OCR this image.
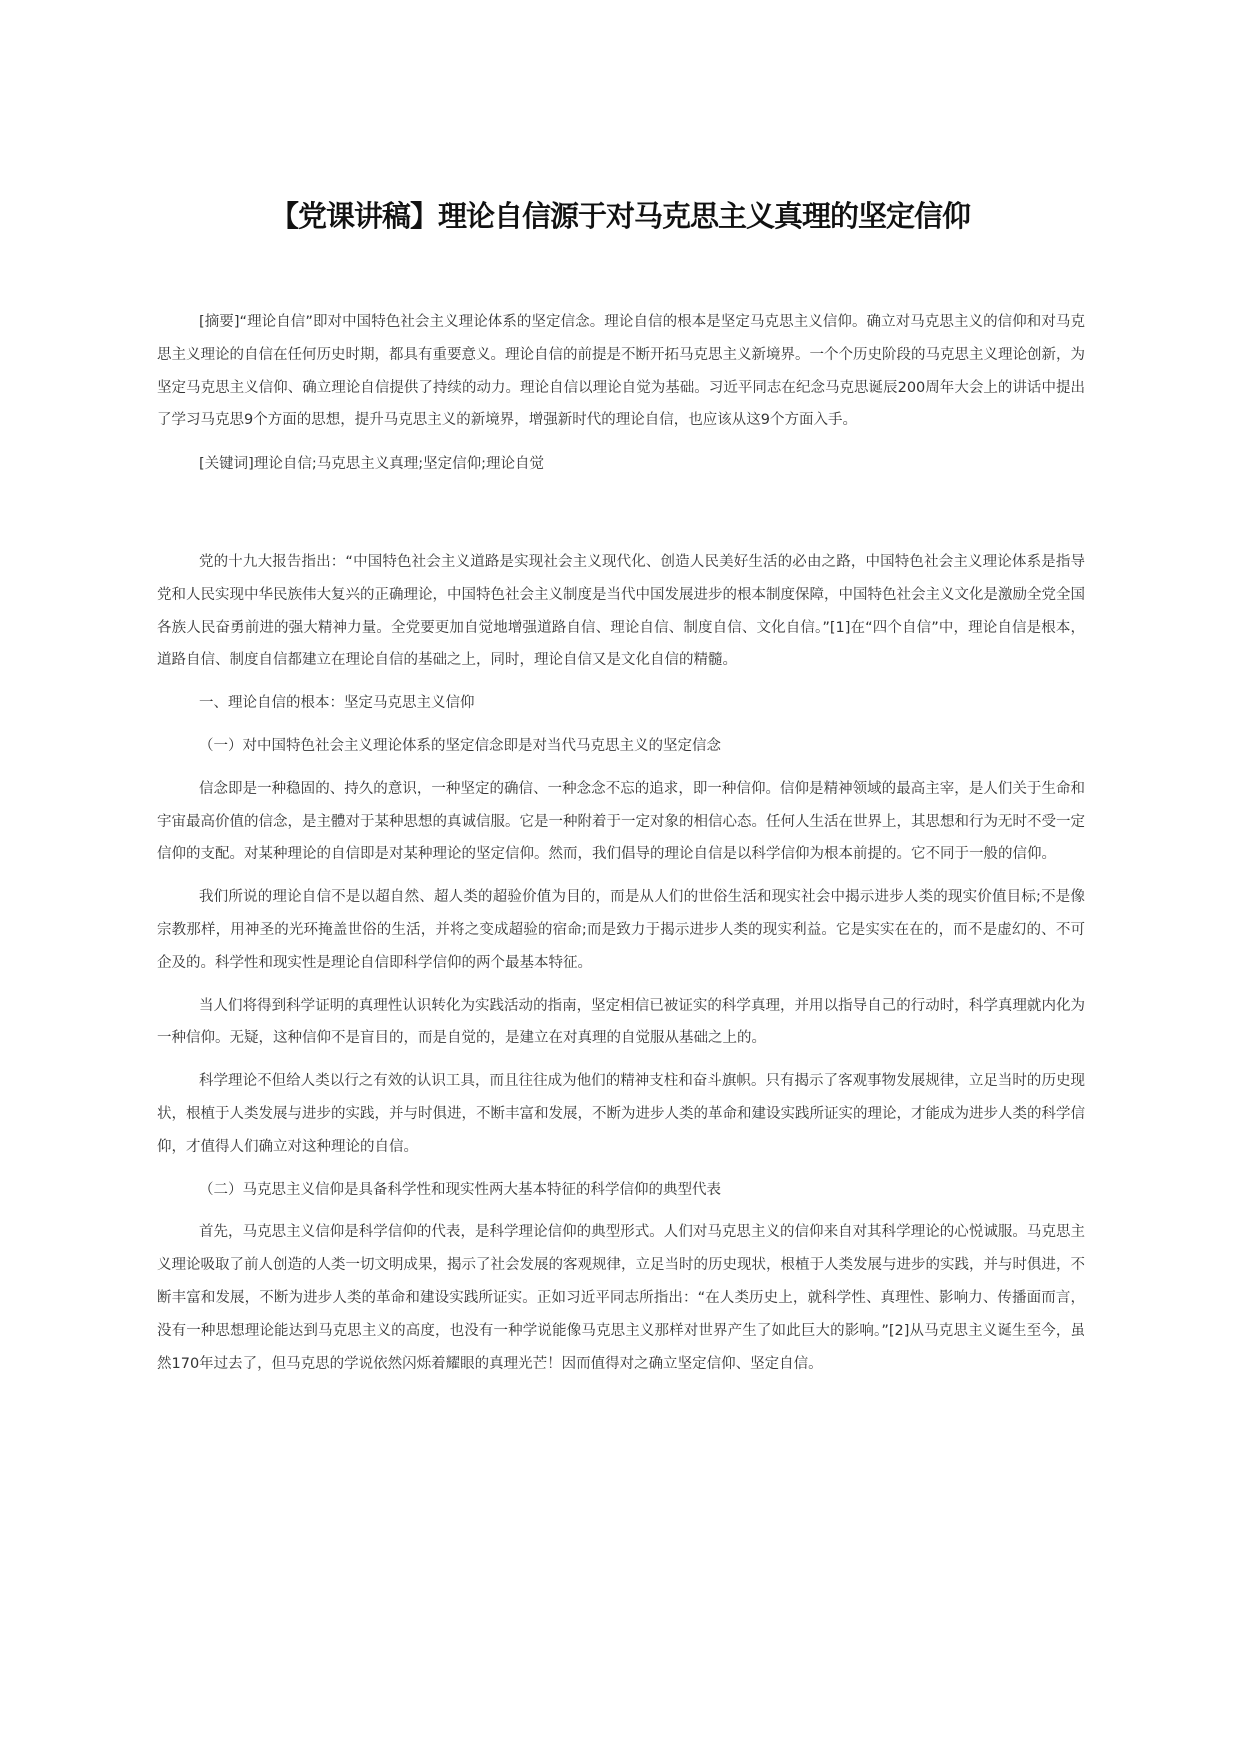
【党课讲稿】理论自信源于对马克思主义真理的坚定信仰

[摘要]“理论自信”即对中国特色社会主义理论体系的坚定信念。理论自信的根本是坚定马克思主义信仰。确立对马克思主义的信仰和对马克思主义理论的自信在任何历史时期，都具有重要意义。理论自信的前提是不断开拓马克思主义新境界。一个个历史阶段的马克思主义理论创新，为坚定马克思主义信仰、确立理论自信提供了持续的动力。理论自信以理论自觉为基础。习近平同志在纪念马克思诞辰200周年大会上的讲话中提出了学习马克思9个方面的思想，提升马克思主义的新境界，增强新时代的理论自信，也应该从这9个方面入手。

[关键词]理论自信;马克思主义真理;坚定信仰;理论自觉

党的十九大报告指出：“中国特色社会主义道路是实现社会主义现代化、创造人民美好生活的必由之路，中国特色社会主义理论体系是指导党和人民实现中华民族伟大复兴的正确理论，中国特色社会主义制度是当代中国发展进步的根本制度保障，中国特色社会主义文化是激励全党全国各族人民奋勇前进的强大精神力量。全党要更加自觉地增强道路自信、理论自信、制度自信、文化自信。”[1]在“四个自信”中，理论自信是根本，道路自信、制度自信都建立在理论自信的基础之上，同时，理论自信又是文化自信的精髓。

一、理论自信的根本：坚定马克思主义信仰

（一）对中国特色社会主义理论体系的坚定信念即是对当代马克思主义的坚定信念

信念即是一种稳固的、持久的意识，一种坚定的确信、一种念念不忘的追求，即一种信仰。信仰是精神领域的最高主宰，是人们关于生命和宇宙最高价值的信念，是主體对于某种思想的真诚信服。它是一种附着于一定对象的相信心态。任何人生活在世界上，其思想和行为无时不受一定信仰的支配。对某种理论的自信即是对某种理论的坚定信仰。然而，我们倡导的理论自信是以科学信仰为根本前提的。它不同于一般的信仰。

我们所说的理论自信不是以超自然、超人类的超验价值为目的，而是从人们的世俗生活和现实社会中揭示进步人类的现实价值目标;不是像宗教那样，用神圣的光环掩盖世俗的生活，并将之变成超验的宿命;而是致力于揭示进步人类的现实利益。它是实实在在的，而不是虚幻的、不可企及的。科学性和现实性是理论自信即科学信仰的两个最基本特征。

当人们将得到科学证明的真理性认识转化为实践活动的指南，坚定相信已被证实的科学真理，并用以指导自己的行动时，科学真理就内化为一种信仰。无疑，这种信仰不是盲目的，而是自觉的，是建立在对真理的自觉服从基础之上的。

科学理论不但给人类以行之有效的认识工具，而且往往成为他们的精神支柱和奋斗旗帜。只有揭示了客观事物发展规律，立足当时的历史现状，根植于人类发展与进步的实践，并与时俱进，不断丰富和发展，不断为进步人类的革命和建设实践所证实的理论，才能成为进步人类的科学信仰，才值得人们确立对这种理论的自信。

（二）马克思主义信仰是具备科学性和现实性两大基本特征的科学信仰的典型代表

首先，马克思主义信仰是科学信仰的代表，是科学理论信仰的典型形式。人们对马克思主义的信仰来自对其科学理论的心悦诚服。马克思主义理论吸取了前人创造的人类一切文明成果，揭示了社会发展的客观规律，立足当时的历史现状，根植于人类发展与进步的实践，并与时俱进，不断丰富和发展，不断为进步人类的革命和建设实践所证实。正如习近平同志所指出：“在人类历史上，就科学性、真理性、影响力、传播面而言，没有一种思想理论能达到马克思主义的高度，也没有一种学说能像马克思主义那样对世界产生了如此巨大的影响。”[2]从马克思主义诞生至今，虽然170年过去了，但马克思的学说依然闪烁着耀眼的真理光芒！因而值得对之确立坚定信仰、坚定自信。
